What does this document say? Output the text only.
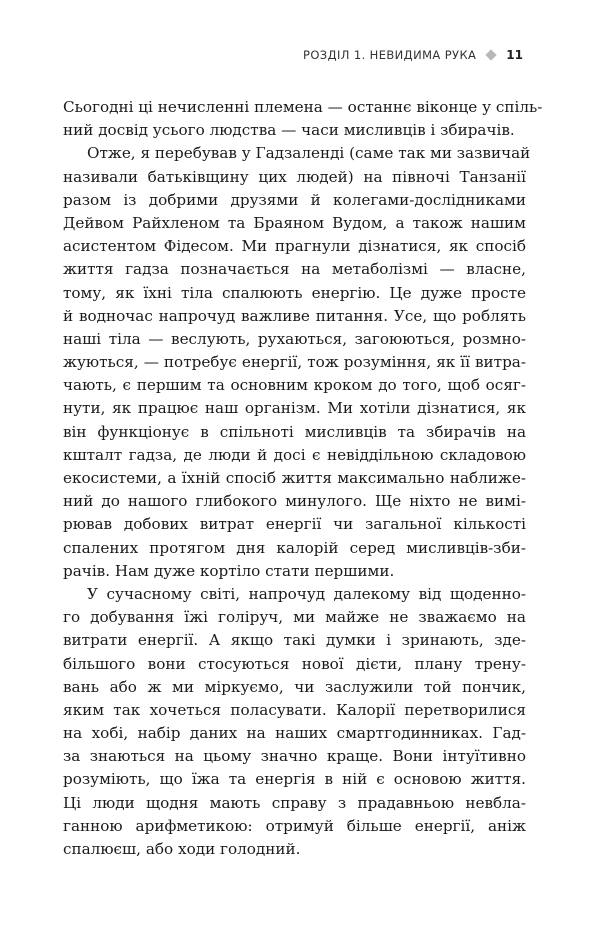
РОЗДІЛ 1. НЕВИДИМА РУКА	11

Сьогодні ці нечисленні племена — останнє віконце у спіль-
ний досвід усього людства — часи мисливців і збирачів.

Отже, я перебував у Гадзаленді (саме так ми зазвичай
називали батьківщину цих людей) на півночі Танзанії
разом із добрими друзями й колегами-дослідниками
Дейвом Райхленом та Браяном Вудом, а також нашим
асистентом Фідесом. Ми прагнули дізнатися, як спосіб
життя гадза позначається на метаболізмі — власне,
тому, як їхні тіла спалюють енергію. Це дуже просте
й водночас напрочуд важливе питання. Усе, що роблять
наші тіла — веслують, рухаються, загоюються, розмно-
жуються, — потребує енергії, тож розуміння, як її витра-
чають, є першим та основним кроком до того, щоб осяг-
нути, як працює наш організм. Ми хотіли дізнатися, як
він функціонує в спільноті мисливців та збирачів на
кшталт гадза, де люди й досі є невіддільною складовою
екосистеми, а їхній спосіб життя максимально наближе-
ний до нашого глибокого минулого. Ще ніхто не вимі-
рював добових витрат енергії чи загальної кількості
спалених протягом дня калорій серед мисливців-зби-
рачів. Нам дуже кортіло стати першими.

У сучасному світі, напрочуд далекому від щоденно-
го добування їжі голіруч, ми майже не зважаємо на
витрати енергії. А якщо такі думки і зринають, зде-
більшого вони стосуються нової дієти, плану трену-
вань або ж ми міркуємо, чи заслужили той пончик,
яким так хочеться поласувати. Калорії перетворилися
на хобі, набір даних на наших смартгодинниках. Гад-
за знаються на цьому значно краще. Вони інтуїтивно
розуміють, що їжа та енергія в ній є основою життя.
Ці люди щодня мають справу з прадавньою невбла-
ганною арифметикою: отримуй більше енергії, аніж
спалюєш, або ходи голодний.
